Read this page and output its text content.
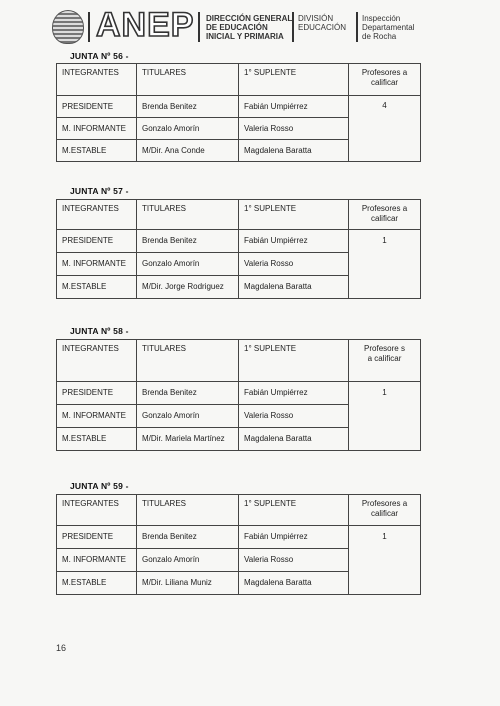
ANEP DIRECCIÓN GENERAL
DE EDUCACIÓN
INICIAL Y PRIMARIA
DIVISIÓN
EDUCACIÓN
Inspección
Departamental
de Rocha
JUNTA Nº 56 -
INTEGRANTES	TITULARES	1° SUPLENTE	Profesores a calificar
PRESIDENTE	Brenda Benitez	Fabián Umpiérrez	4
M. INFORMANTE	Gonzalo Amorín	Valeria Rosso	
M.ESTABLE	M/Dir. Ana Conde	Magdalena Baratta	
JUNTA Nº 57 -
INTEGRANTES	TITULARES	1° SUPLENTE	Profesores a calificar
PRESIDENTE	Brenda Benitez	Fabián Umpiérrez	1
M. INFORMANTE	Gonzalo Amorín	Valeria Rosso	
M.ESTABLE	M/Dir. Jorge Rodriguez	Magdalena Baratta	
JUNTA Nº 58 -
INTEGRANTES	TITULARES	1° SUPLENTE	Profesore s a calificar
PRESIDENTE	Brenda Benitez	Fabián Umpiérrez	1
M. INFORMANTE	Gonzalo Amorín	Valeria Rosso	
M.ESTABLE	M/Dir. Mariela Martínez	Magdalena Baratta	
JUNTA Nº 59 -
INTEGRANTES	TITULARES	1° SUPLENTE	Profesores a calificar
PRESIDENTE	Brenda Benitez	Fabián Umpiérrez	1
M. INFORMANTE	Gonzalo Amorín	Valeria Rosso	
M.ESTABLE	M/Dir. Liliana Muniz	Magdalena Baratta	
16
